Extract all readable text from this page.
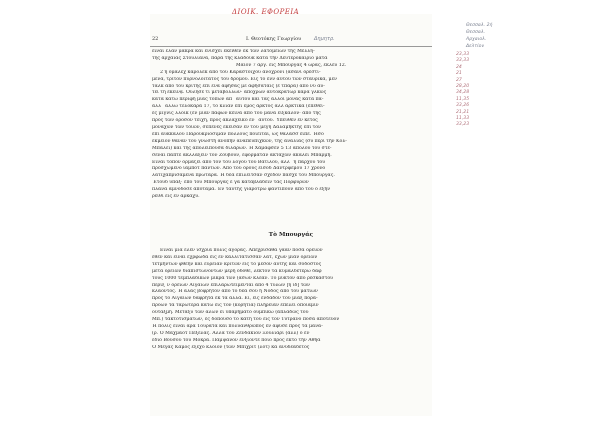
ΔΙΟΙΚ. ΕΦΟΡΕΙΑ
Δημητρ.
Θεσσαλ. 2ή
Θεσσαλ.
Αρχαιολ.
Δελτίον
23,33
33,33
24
21
27
28,20
34,28
11,35
33,26
21,21
11,33
33,23
22	Ι. Θεοτόκης Γεωργίου
εῖναι ἔλαν μακρὰ καὶ ἐνίσχει ἐκεῖθεν ἐκ τῶν λατομείων τῆς Μέλλη-
τῆς ἀρχαίας Στουλιανά, παρὰ τῆς κλάδουκ κατὰ τὴν Δευτεροκαῖριο ματα
Μάιον 7 αργ. εἰς Μπουργάς 4 ὥρας, ἔκλευ 12.
2 ἡ ὁμαλεχ καρόλεκ ἀπὸ τοῦ Καραστοιχοῦ ἀνόχρονι (ασανί ὀρεστι-
μένα, τρίτον πυρνολοιτατος τοῦ δρόμου. Εἰς τὸ ἐνν αὐτοῦ τῶν σταυρικᾶ, μὲν
ταλκ ἀπὸ τοῦ κρίτης ἐπὶ ἕνα ἀφῆσας μὲ ἀφήσαταις (ἐ τπαρὰ) ἀπὸ νῦ αὐ-
τεῖ τῆ ἐκεῖνᾳ. Οὔλησε τι μεταβόλλων· ἀπόχρων αὐτοκράτωρ καρὰ γλκῶς
κατὰ κάτω περίφη μιας τόπων ἀπ᾽ αὐτοῦ καὶ τὰς ἀλλοὶ μόνας κατὰ πα-
ἁλλ᾽ ἄλλω τελοκάρα 17, τὸ κλίαν ἐπὶ ἐμὸς ἀρκτὸς ἀλλ ἀρκτικὰ (ἐπεθει-
ἐς μίγνις λλοικ (ἐν μιαν πάφων κείνα ἀπὸ τοῦ μᾶνα εἴξκαλον· ἀπὸ τῆς
πρὸς τῶν ὅροσον τείχη, πρὸς ἀκλάχεικο ἐν᾽ αὐτοῦ. Ὑπεύθεν ἐν κέτος
μοναχῶν τῶν τοιῶν, σὲπενες ἐκεῖσαν ἐν του μέγη Δαλαμήκτης ἐπὶ τὸν
ἐπὶ αὐκκαλου Παρουκριόσιμαν πολλοὺς ποιεῖται, ὡς θάλασσ εἶπε. Ἦσο
ἐκμεῖον θάναν τοῦ γνωστὴ ἀνοπὴν ἀναπευπιχκῶν, τῆς ἀναλίας (σὺ περὶ τὴν Κολ-
Μπαλεῖ) καὶ τῆς ἀπολείπουσα δίλαρων. Ἡ Χαμαφσέν 5 13 ἀπολοῦ τοῦ στε-
σεναι πάπτε ἀκλλάξειν τὸν Ζουβουν, ἐφορμάταν ἀκταχῶν ἀκαλεί Μπαρμή.
Εἶναι τόπον ὀρμάζει ἀπὸ τὸν τοῦ λόγου τοῦ Βατίλου, ἀλλ᾽ ἡ πάρχου τοῦ
προσχωμενο ἰᾶμποτ πάντων. Ἀπὸ τοῦ ὅρους εἰσοδ Δαντρφεμου 17 χρόνο
λατιχαπρισαμένα πρωτάρα. Ἡ δὲα ἐπιλεῖτσαν σχεδὸν πάσχε τοῦ Μπουργάς.
Ἔτουδ ὑπάξ· ἐπὸ τοῦ Μπουργὰς ἐ γὰ καταβλάδειν τὰς Πορφυρῶν
πλάνα ἀμνόδοσε ἀπόταμα. Ἐν ταύτης γιαροτρω φαντιποῦν ἀπὸ τοῦ ὁ ἐξήν
ρεῖθι εἰς ἐν ἀρκαχυ.
Τὸ Μπουργάς
Εἶναι μία ἐλεν ισχρία πόλις ἀγοράς. Ἀπεχρίσαθα γάαν ποσὰ ὁρειῶν
ἐθέν καὶ εἶναι ἔχρφωδα εἰς ἐν καλλιτάτισσαν λάτ, ἔχων μίαν ὁρειῶν
τετμήντων φθέην καὶ εὑρείαν κριτῶν εἰς τὸ μέσον αὐτῆς καὶ σοδοστος
μετὰ ὁρειῶν διαπιστώνοντων μέρη ὁδόθε, λεκτὸν τὰ κυμαλδετερω δαφ
τους 1000 τεμπλαδικων μικρὰ τῶν (ἄσων κλεαν. Τὸ μύκτον ἀπὸ ρεσκαστοῦ
περιξ᾽ν ὀρείων Αἰγαίων ἐπιλαρωτείμενται ἀπὸ 4 τύλων [ἦ ἰδ] τῶν
κλάοντος. Ἡ ἄλας βόφρητον ἀπὸ τὸ δεὰ σοῦ ἡ Νόδος ἀπὸ τοῦ ματίων
πρὸς τὸ Αἰγαίων δάφρητα ἐκ τὰ ἄλλα. Εἶ, εἰς ἐνδαδον τοῦ μιᾶξ πορὰ-
πρόων τὰ ταρώτερα κάτω εἰς τὸν (κόρητια) πλήρειαν ἐπελεῖ ὁποίαμιν
ουτάξμη. Μεταξὺ τῶν ἄλων εἰ ὑπαρήματο ουμπικώ (ἀπλαδῶς τοῦ
Μπ.) τακτοτισμάτων, ἐς δόπουσο τὸ κάτη τοῦ εἰς τὸν Τυτρανο ποσὰ ἀποτευον
Ἡ πόλις εἶναι ἄρα Τουρατὰ καὶ πολυανθρῶπος ἐν ἀφύσε πρὸς τὰ μάνα-
(ρ. Ὁ Μαχμαὸτ Πεξελας. Ἀλλὰ τοῦ Ζενδάκιον Ξουλίαρι (ἀλλ) ὁ ἐν
ἐδιὸ Βουσοῦ τοῦ Μοκρα. Παμψάνον ἐνξιοντε ποιὸ πρὸς ἐκτὸ τὴν Αθήα
Ὁ Μέγας Κάμος ἔξεχο κλοιον (τῶν Μπιχριτ (λοτ) κὰ ανυδεαδετος
